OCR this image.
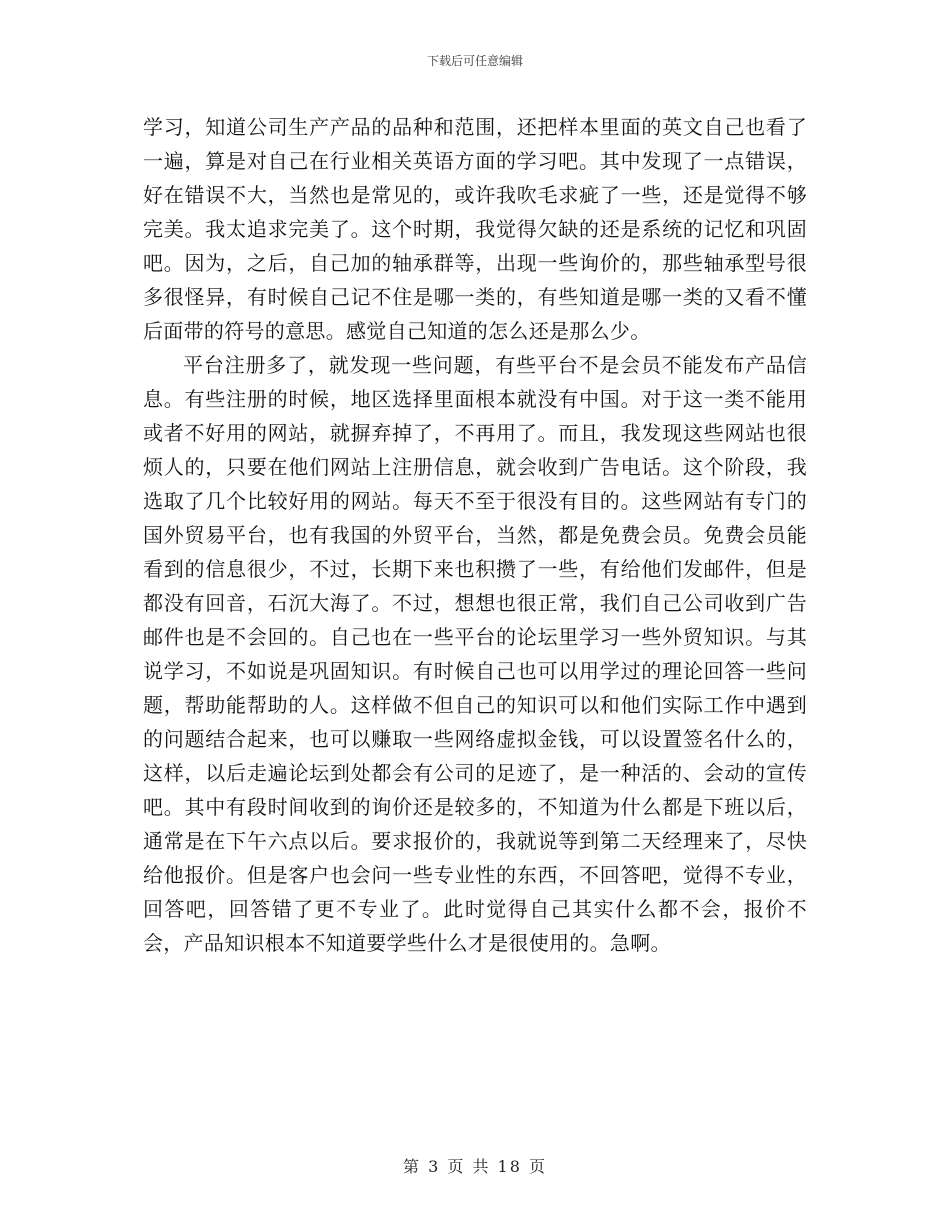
下载后可任意编辑

学习，知道公司生产产品的品种和范围，还把样本里面的英文自己也看了一遍，算是对自己在行业相关英语方面的学习吧。其中发现了一点错误，好在错误不大，当然也是常见的，或许我吹毛求疵了一些，还是觉得不够完美。我太追求完美了。这个时期，我觉得欠缺的还是系统的记忆和巩固吧。因为，之后，自己加的轴承群等，出现一些询价的，那些轴承型号很多很怪异，有时候自己记不住是哪一类的，有些知道是哪一类的又看不懂后面带的符号的意思。感觉自己知道的怎么还是那么少。

平台注册多了，就发现一些问题，有些平台不是会员不能发布产品信息。有些注册的时候，地区选择里面根本就没有中国。对于这一类不能用或者不好用的网站，就摒弃掉了，不再用了。而且，我发现这些网站也很烦人的，只要在他们网站上注册信息，就会收到广告电话。这个阶段，我选取了几个比较好用的网站。每天不至于很没有目的。这些网站有专门的国外贸易平台，也有我国的外贸平台，当然，都是免费会员。免费会员能看到的信息很少，不过，长期下来也积攒了一些，有给他们发邮件，但是都没有回音，石沉大海了。不过，想想也很正常，我们自己公司收到广告邮件也是不会回的。自己也在一些平台的论坛里学习一些外贸知识。与其说学习，不如说是巩固知识。有时候自己也可以用学过的理论回答一些问题，帮助能帮助的人。这样做不但自己的知识可以和他们实际工作中遇到的问题结合起来，也可以赚取一些网络虚拟金钱，可以设置签名什么的，这样，以后走遍论坛到处都会有公司的足迹了，是一种活的、会动的宣传吧。其中有段时间收到的询价还是较多的，不知道为什么都是下班以后，通常是在下午六点以后。要求报价的，我就说等到第二天经理来了，尽快给他报价。但是客户也会问一些专业性的东西，不回答吧，觉得不专业，回答吧，回答错了更不专业了。此时觉得自己其实什么都不会，报价不会，产品知识根本不知道要学些什么才是很使用的。急啊。

第 3 页 共 18 页
